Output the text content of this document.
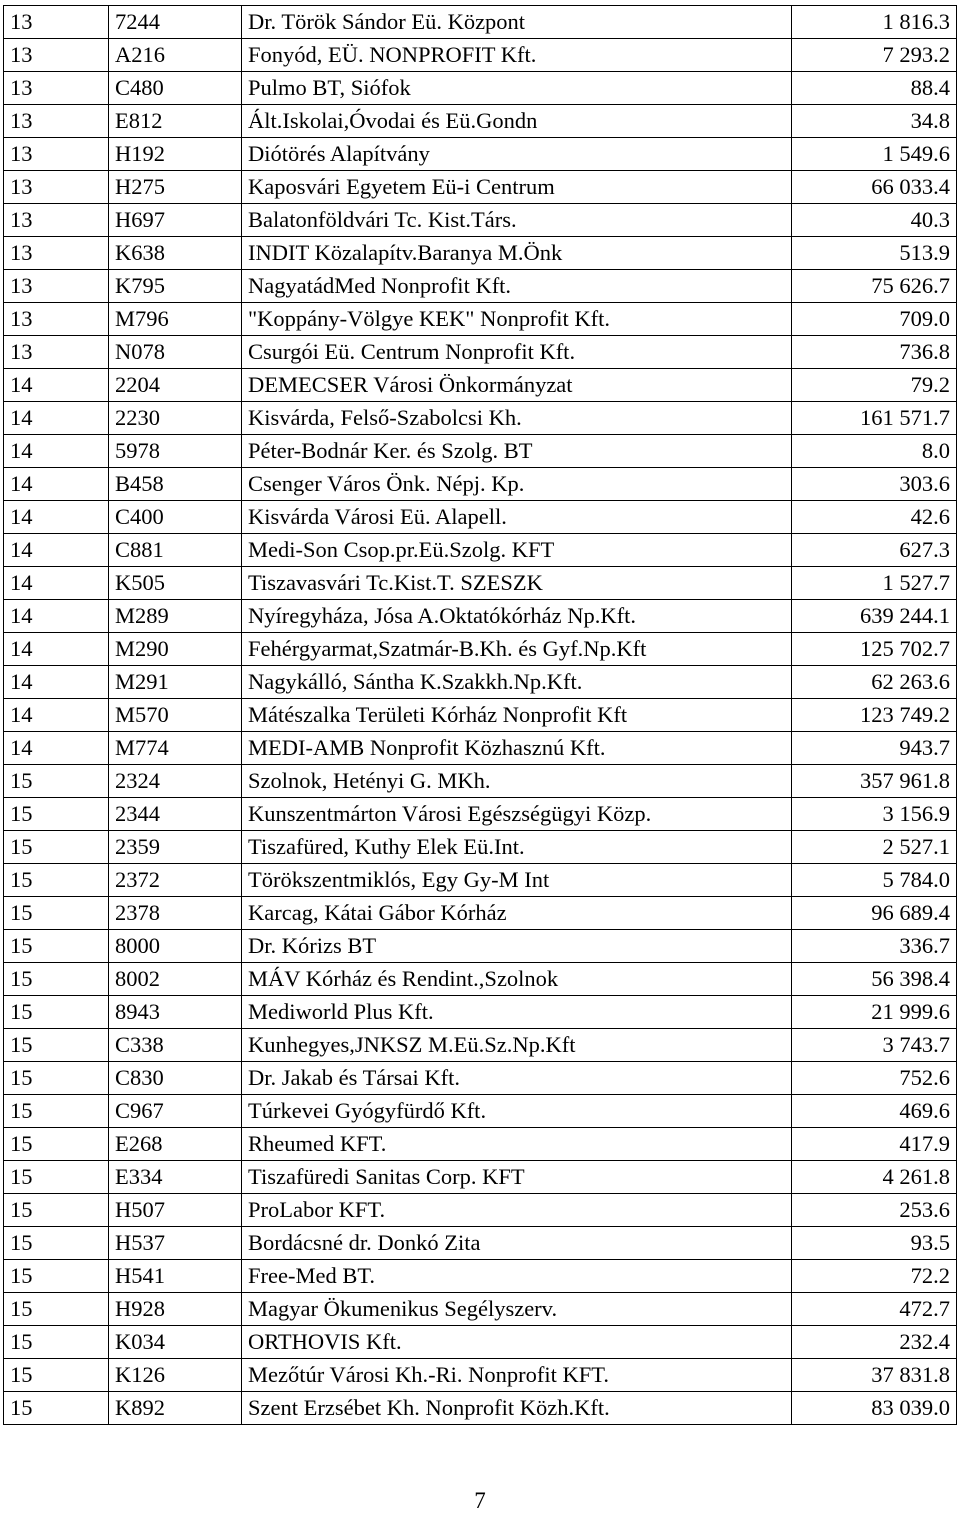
13	7244	Dr. Török Sándor Eü. Központ	1 816.3
13	A216	Fonyód, EÜ. NONPROFIT Kft.	7 293.2
13	C480	Pulmo BT, Siófok	88.4
13	E812	Ált.Iskolai,Óvodai és Eü.Gondn	34.8
13	H192	Diótörés Alapítvány	1 549.6
13	H275	Kaposvári Egyetem Eü-i Centrum	66 033.4
13	H697	Balatonföldvári Tc. Kist.Társ.	40.3
13	K638	INDIT Közalapítv.Baranya M.Önk	513.9
13	K795	NagyatádMed Nonprofit Kft.	75 626.7
13	M796	"Koppány-Völgye KEK" Nonprofit Kft.	709.0
13	N078	Csurgói Eü. Centrum Nonprofit Kft.	736.8
14	2204	DEMECSER Városi Önkormányzat	79.2
14	2230	Kisvárda, Felső-Szabolcsi Kh.	161 571.7
14	5978	Péter-Bodnár Ker. és Szolg. BT	8.0
14	B458	Csenger Város Önk. Népj. Kp.	303.6
14	C400	Kisvárda Városi Eü. Alapell.	42.6
14	C881	Medi-Son Csop.pr.Eü.Szolg. KFT	627.3
14	K505	Tiszavasvári Tc.Kist.T. SZESZK	1 527.7
14	M289	Nyíregyháza, Jósa A.Oktatókórház Np.Kft.	639 244.1
14	M290	Fehérgyarmat,Szatmár-B.Kh. és Gyf.Np.Kft	125 702.7
14	M291	Nagykálló, Sántha K.Szakkh.Np.Kft.	62 263.6
14	M570	Mátészalka Területi Kórház Nonprofit Kft	123 749.2
14	M774	MEDI-AMB Nonprofit Közhasznú Kft.	943.7
15	2324	Szolnok, Hetényi G. MKh.	357 961.8
15	2344	Kunszentmárton Városi Egészségügyi Közp.	3 156.9
15	2359	Tiszafüred, Kuthy Elek Eü.Int.	2 527.1
15	2372	Törökszentmiklós, Egy Gy-M Int	5 784.0
15	2378	Karcag, Kátai Gábor Kórház	96 689.4
15	8000	Dr. Kórizs BT	336.7
15	8002	MÁV Kórház és Rendint.,Szolnok	56 398.4
15	8943	Mediworld Plus Kft.	21 999.6
15	C338	Kunhegyes,JNKSZ M.Eü.Sz.Np.Kft	3 743.7
15	C830	Dr. Jakab és Társai Kft.	752.6
15	C967	Túrkevei Gyógyfürdő Kft.	469.6
15	E268	Rheumed KFT.	417.9
15	E334	Tiszafüredi Sanitas Corp. KFT	4 261.8
15	H507	ProLabor KFT.	253.6
15	H537	Bordácsné dr. Donkó Zita	93.5
15	H541	Free-Med BT.	72.2
15	H928	Magyar Ökumenikus Segélyszerv.	472.7
15	K034	ORTHOVIS Kft.	232.4
15	K126	Mezőtúr Városi Kh.-Ri. Nonprofit KFT.	37 831.8
15	K892	Szent Erzsébet Kh. Nonprofit Közh.Kft.	83 039.0
7
